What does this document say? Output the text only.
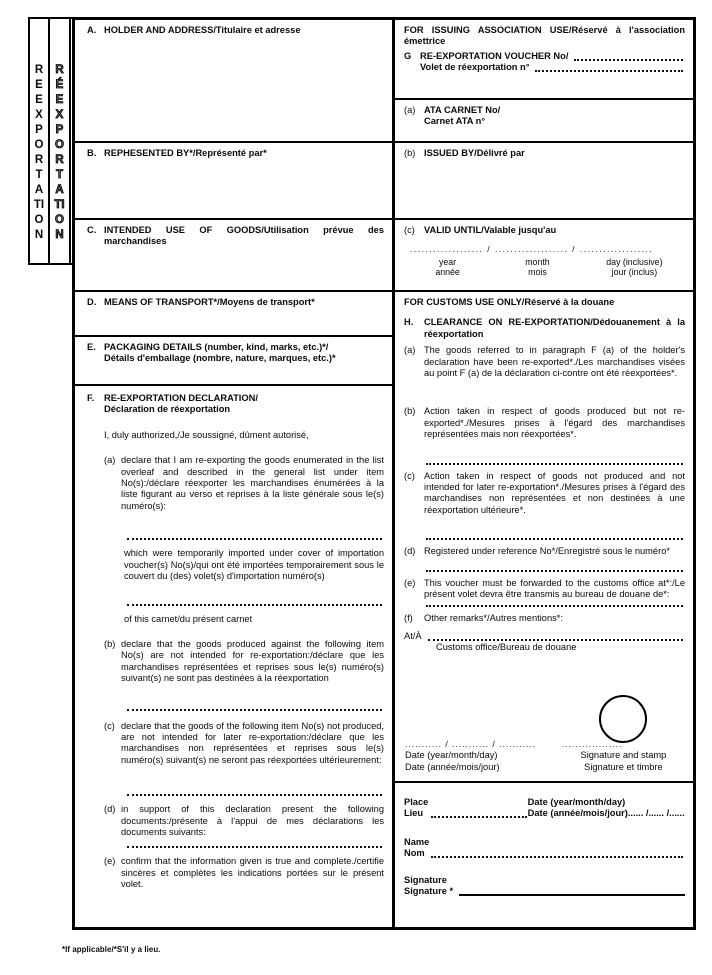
REEXPORTATION
RÉEXPORTATION
A. HOLDER AND ADDRESS/Titulaire et adresse
B. REPHESENTED BY*/Représenté par*
C. INTENDED USE OF GOODS/Utilisation prévue des marchandises
D. MEANS OF TRANSPORT*/Moyens de transport*
E. PACKAGING DETAILS (number, kind, marks, etc.)*/
Détails d'emballage (nombre, nature, marques, etc.)*
F.	RE-EXPORTATION DECLARATION/
Déclaration de réexportation
I, duly authorized,/Je soussigné, dûment autorisé,
(a) declare that I am re-exporting the goods enumerated in the list overleaf and described in the general list under item No(s):/déclare réexporter les marchandises énumérées à la liste figurant au verso et reprises à la liste générale sous le(s) numéro(s):
which were temporarily imported under cover of importation voucher(s) No(s)/qui ont été importées temporairement sous le couvert du (des) volet(s) d'importation numéro(s)
of this carnet/du présent carnet
(b) declare that the goods produced against the following item No(s) are not intended for re-exportation:/déclare que les marchandises représentées et reprises sous le(s) numéro(s) suivant(s) ne sont pas destinées à la réexportation
(c) declare that the goods of the following item No(s) not produced, are not intended for later re-exportation:/déclare que les marchandises non représentées et reprises sous le(s) numéro(s) suivant(s) ne seront pas réexportées ultérieurement:
(d) in support of this declaration present the following documents:/présente à l'appui de mes déclarations les documents suivants:
(e) confirm that the information given is true and complete./certifie sincères et complètes les indications portées sur le présent volet.
FOR ISSUING ASSOCIATION USE/Réservé à l'association émettrice
G RE-EXPORTATION VOUCHER No/
Volet de réexportation n°
(a) ATA CARNET No/
Carnet ATA n°
(b) ISSUED BY/Délivré par
(c) VALID UNTIL/Valable jusqu'au
................... / ................... / ...................
year
année
month
mois
day (inclusive)
jour (inclus)
FOR CUSTOMS USE ONLY/Réservé à la douane
H.	CLEARANCE ON RE-EXPORTATION/Dédouanement à la réexportation
(a) The goods referred to in paragraph F (a) of the holder's declaration have been re-exported*./Les marchandises visées au point F (a) de la déclaration ci-contre ont été réexportées*.
(b) Action taken in respect of goods produced but not re-exported*./Mesures prises à l'égard des marchandises représentées mais non réexportées*.
(c) Action taken in respect of goods not produced and not intended for later re-exportation*./Mesures prises à l'égard des marchandises non représentées et non destinées à une réexportation ultérieure*.
(d) Registered under reference No*/Enregistré sous le numéro*
(e) This voucher must be forwarded to the customs office at*:/Le présent volet devra être transmis au bureau de douane de*:
(f)	Other remarks*/Autres mentions*:
At/À
Customs office/Bureau de douane
........... / ........... / ...........
Date (year/month/day)
Date (année/mois/jour)
..................
Signature and stamp
Signature et timbre
Place
Lieu
Date (year/month/day)
Date (année/mois/jour)...... /...... /......
Name
Nom
Signature
Signature *
*If applicable/*S'il y a lieu.
